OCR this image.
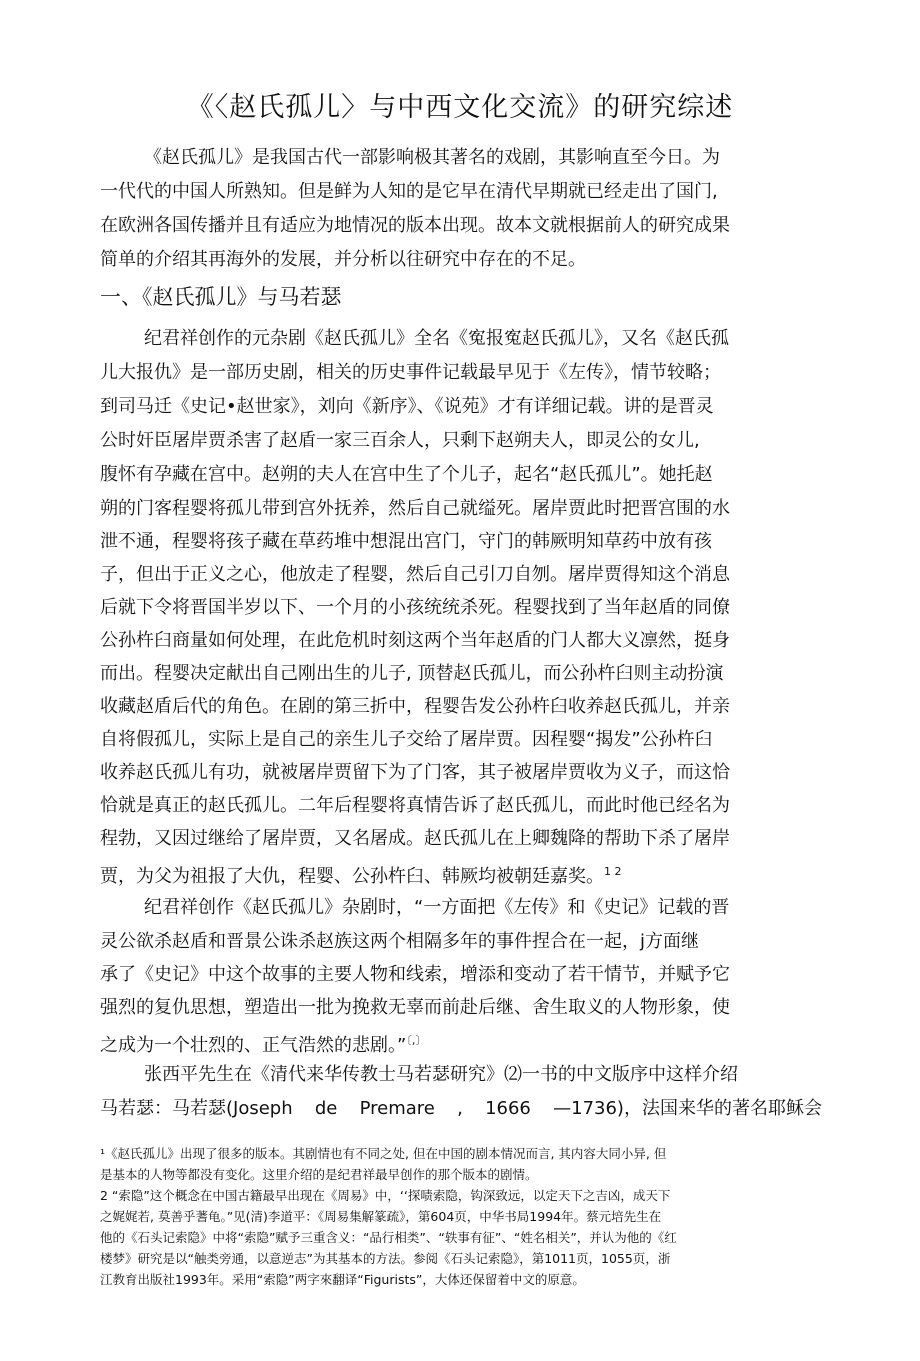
《〈赵氏孤儿〉与中西文化交流》的研究综述
《赵氏孤儿》是我国古代一部影响极其著名的戏剧，其影响直至今日。为
一代代的中国人所熟知。但是鲜为人知的是它早在清代早期就已经走出了国门,
在欧洲各国传播并且有适应为地情况的版本出现。故本文就根据前人的研究成果
简单的介绍其再海外的发展，并分析以往研究中存在的不足。
一、《赵氏孤儿》与马若瑟
纪君祥创作的元杂剧《赵氏孤儿》全名《寃报寃赵氏孤儿》，又名《赵氏孤
儿大报仇》是一部历史剧，相关的历史事件记载最早见于《左传》，情节较略；
到司马迁《史记•赵世家》，刘向《新序》、《说苑》才有详细记载。讲的是晋灵
公时奸臣屠岸贾杀害了赵盾一家三百余人，只剩下赵朔夫人，即灵公的女儿,
腹怀有孕藏在宫中。赵朔的夫人在宫中生了个儿子，起名“赵氏孤儿”。她托赵
朔的门客程婴将孤儿带到宫外抚养，然后自己就缢死。屠岸贾此时把晋宫围的水
泄不通，程婴将孩子藏在草药堆中想混出宫门，守门的韩厥明知草药中放有孩
子，但出于正义之心，他放走了程婴，然后自己引刀自刎。屠岸贾得知这个消息
后就下令将晋国半岁以下、一个月的小孩统统杀死。程婴找到了当年赵盾的同僚
公孙杵臼商量如何处理，在此危机时刻这两个当年赵盾的门人都大义凛然，挺身
而出。程婴决定献出自己刚出生的儿子, 顶替赵氏孤儿，而公孙杵臼则主动扮演
收藏赵盾后代的角色。在剧的第三折中，程婴告发公孙杵臼收养赵氏孤儿，并亲
自将假孤儿，实际上是自己的亲生儿子交给了屠岸贾。因程婴“揭发”公孙杵臼
收养赵氏孤儿有功，就被屠岸贾留下为了门客，其子被屠岸贾收为义子，而这恰
恰就是真正的赵氏孤儿。二年后程婴将真情告诉了赵氏孤儿，而此时他已经名为
程勃，又因过继给了屠岸贾，又名屠成。赵氏孤儿在上卿魏降的帮助下杀了屠岸
贾，为父为祖报了大仇，程婴、公孙杵臼、韩厥均被朝廷嘉奖。$^{1 2}$
纪君祥创作《赵氏孤儿》杂剧时，“一方面把《左传》和《史记》记载的晋
灵公欲杀赵盾和晋景公诛杀赵族这两个相隔多年的事件捏合在一起，j方面继
承了《史记》中这个故事的主要人物和线索，增添和变动了若干情节，并赋予它
强烈的复仇思想，塑造出一批为挽救无辜而前赴后继、舍生取义的人物形象，使
之成为一个壮烈的、正气浩然的悲剧。”〔,〕
张西平先生在《清代来华传教士马若瑟研究》⑵一书的中文版序中这样介绍
马若瑟：马若瑟(Joseph de Premare , 1666 —1736)，法国来华的著名耶稣会
¹《赵氏孤儿》出现了很多的版本。其剧情也有不同之处, 但在中国的剧本情况而言, 其内容大同小异, 但
是基本的人物等都没有变化。这里介绍的是纪君祥最早创作的那个版本的剧情。
2 “索隐”这个概念在中国古籍最早出现在《周易》中，‘‘探啧索隐，钩深致远，以定天下之吉凶，成天下
之娓娓若, 莫善乎蓍龟。”见(清)李道平：《周易集解篆疏》，第604页，中华书局1994年。蔡元培先生在
他的《石头记索隐》中将“索隐”赋予三重含义：“品行相类”、“轶事有征”、“姓名相关”，并认为他的《红
楼梦》研究是以“触类旁通，以意逆志”为其基本的方法。参阅《石头记索隐》，第1011页，1055页，浙
江教育出版社1993年。采用“索隐”两字來翻译“Figurists”，大体还保留着中文的原意。
